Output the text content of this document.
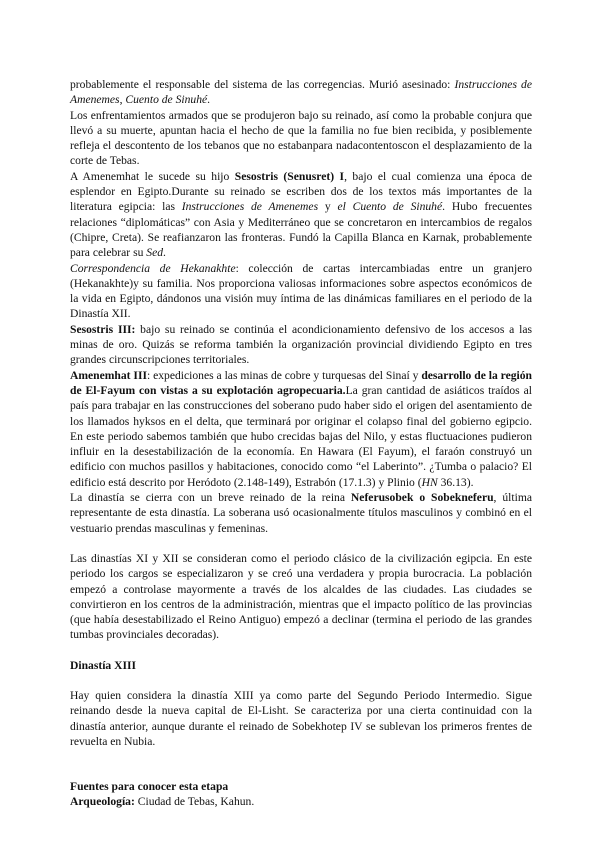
probablemente el responsable del sistema de las corregencias. Murió asesinado: Instrucciones de Amenemes, Cuento de Sinuhé.

Los enfrentamientos armados que se produjeron bajo su reinado, así como la probable conjura que llevó a su muerte, apuntan hacia el hecho de que la familia no fue bien recibida, y posiblemente refleja el descontento de los tebanos que no estabanpara nadacontentoscon el desplazamiento de la corte de Tebas.

A Amenemhat le sucede su hijo Sesostris (Senusret) I, bajo el cual comienza una época de esplendor en Egipto.Durante su reinado se escriben dos de los textos más importantes de la literatura egipcia: las Instrucciones de Amenemes y el Cuento de Sinuhé. Hubo frecuentes relaciones “diplomáticas” con Asia y Mediterráneo que se concretaron en intercambios de regalos (Chipre, Creta). Se reafianzaron las fronteras. Fundó la Capilla Blanca en Karnak, probablemente para celebrar su Sed.

Correspondencia de Hekanakhte: colección de cartas intercambiadas entre un granjero (Hekanakhte)y su familia. Nos proporciona valiosas informaciones sobre aspectos económicos de la vida en Egipto, dándonos una visión muy íntima de las dinámicas familiares en el periodo de la Dinastía XII.

Sesostris III: bajo su reinado se continúa el acondicionamiento defensivo de los accesos a las minas de oro. Quizás se reforma también la organización provincial dividiendo Egipto en tres grandes circunscripciones territoriales.

Amenemhat III: expediciones a las minas de cobre y turquesas del Sinaí y desarrollo de la región de El-Fayum con vistas a su explotación agropecuaria.La gran cantidad de asiáticos traídos al país para trabajar en las construcciones del soberano pudo haber sido el origen del asentamiento de los llamados hyksos en el delta, que terminará por originar el colapso final del gobierno egipcio. En este periodo sabemos también que hubo crecidas bajas del Nilo, y estas fluctuaciones pudieron influir en la desestabilización de la economía. En Hawara (El Fayum), el faraón construyó un edificio con muchos pasillos y habitaciones, conocido como “el Laberinto”. ¿Tumba o palacio? El edificio está descrito por Heródoto (2.148-149), Estrabón (17.1.3) y Plinio (HN 36.13).

La dinastía se cierra con un breve reinado de la reina Neferusobek o Sobekneferu, última representante de esta dinastía. La soberana usó ocasionalmente títulos masculinos y combinó en el vestuario prendas masculinas y femeninas.

Las dinastías XI y XII se consideran como el periodo clásico de la civilización egipcia. En este periodo los cargos se especializaron y se creó una verdadera y propia burocracia. La población empezó a controlase mayormente a través de los alcaldes de las ciudades. Las ciudades se convirtieron en los centros de la administración, mientras que el impacto político de las provincias (que había desestabilizado el Reino Antiguo) empezó a declinar (termina el periodo de las grandes tumbas provinciales decoradas).

Dinastía XIII

Hay quien considera la dinastía XIII ya como parte del Segundo Periodo Intermedio. Sigue reinando desde la nueva capital de El-Lisht. Se caracteriza por una cierta continuidad con la dinastía anterior, aunque durante el reinado de Sobekhotep IV se sublevan los primeros frentes de revuelta en Nubia.

Fuentes para conocer esta etapa

Arqueología: Ciudad de Tebas, Kahun.
